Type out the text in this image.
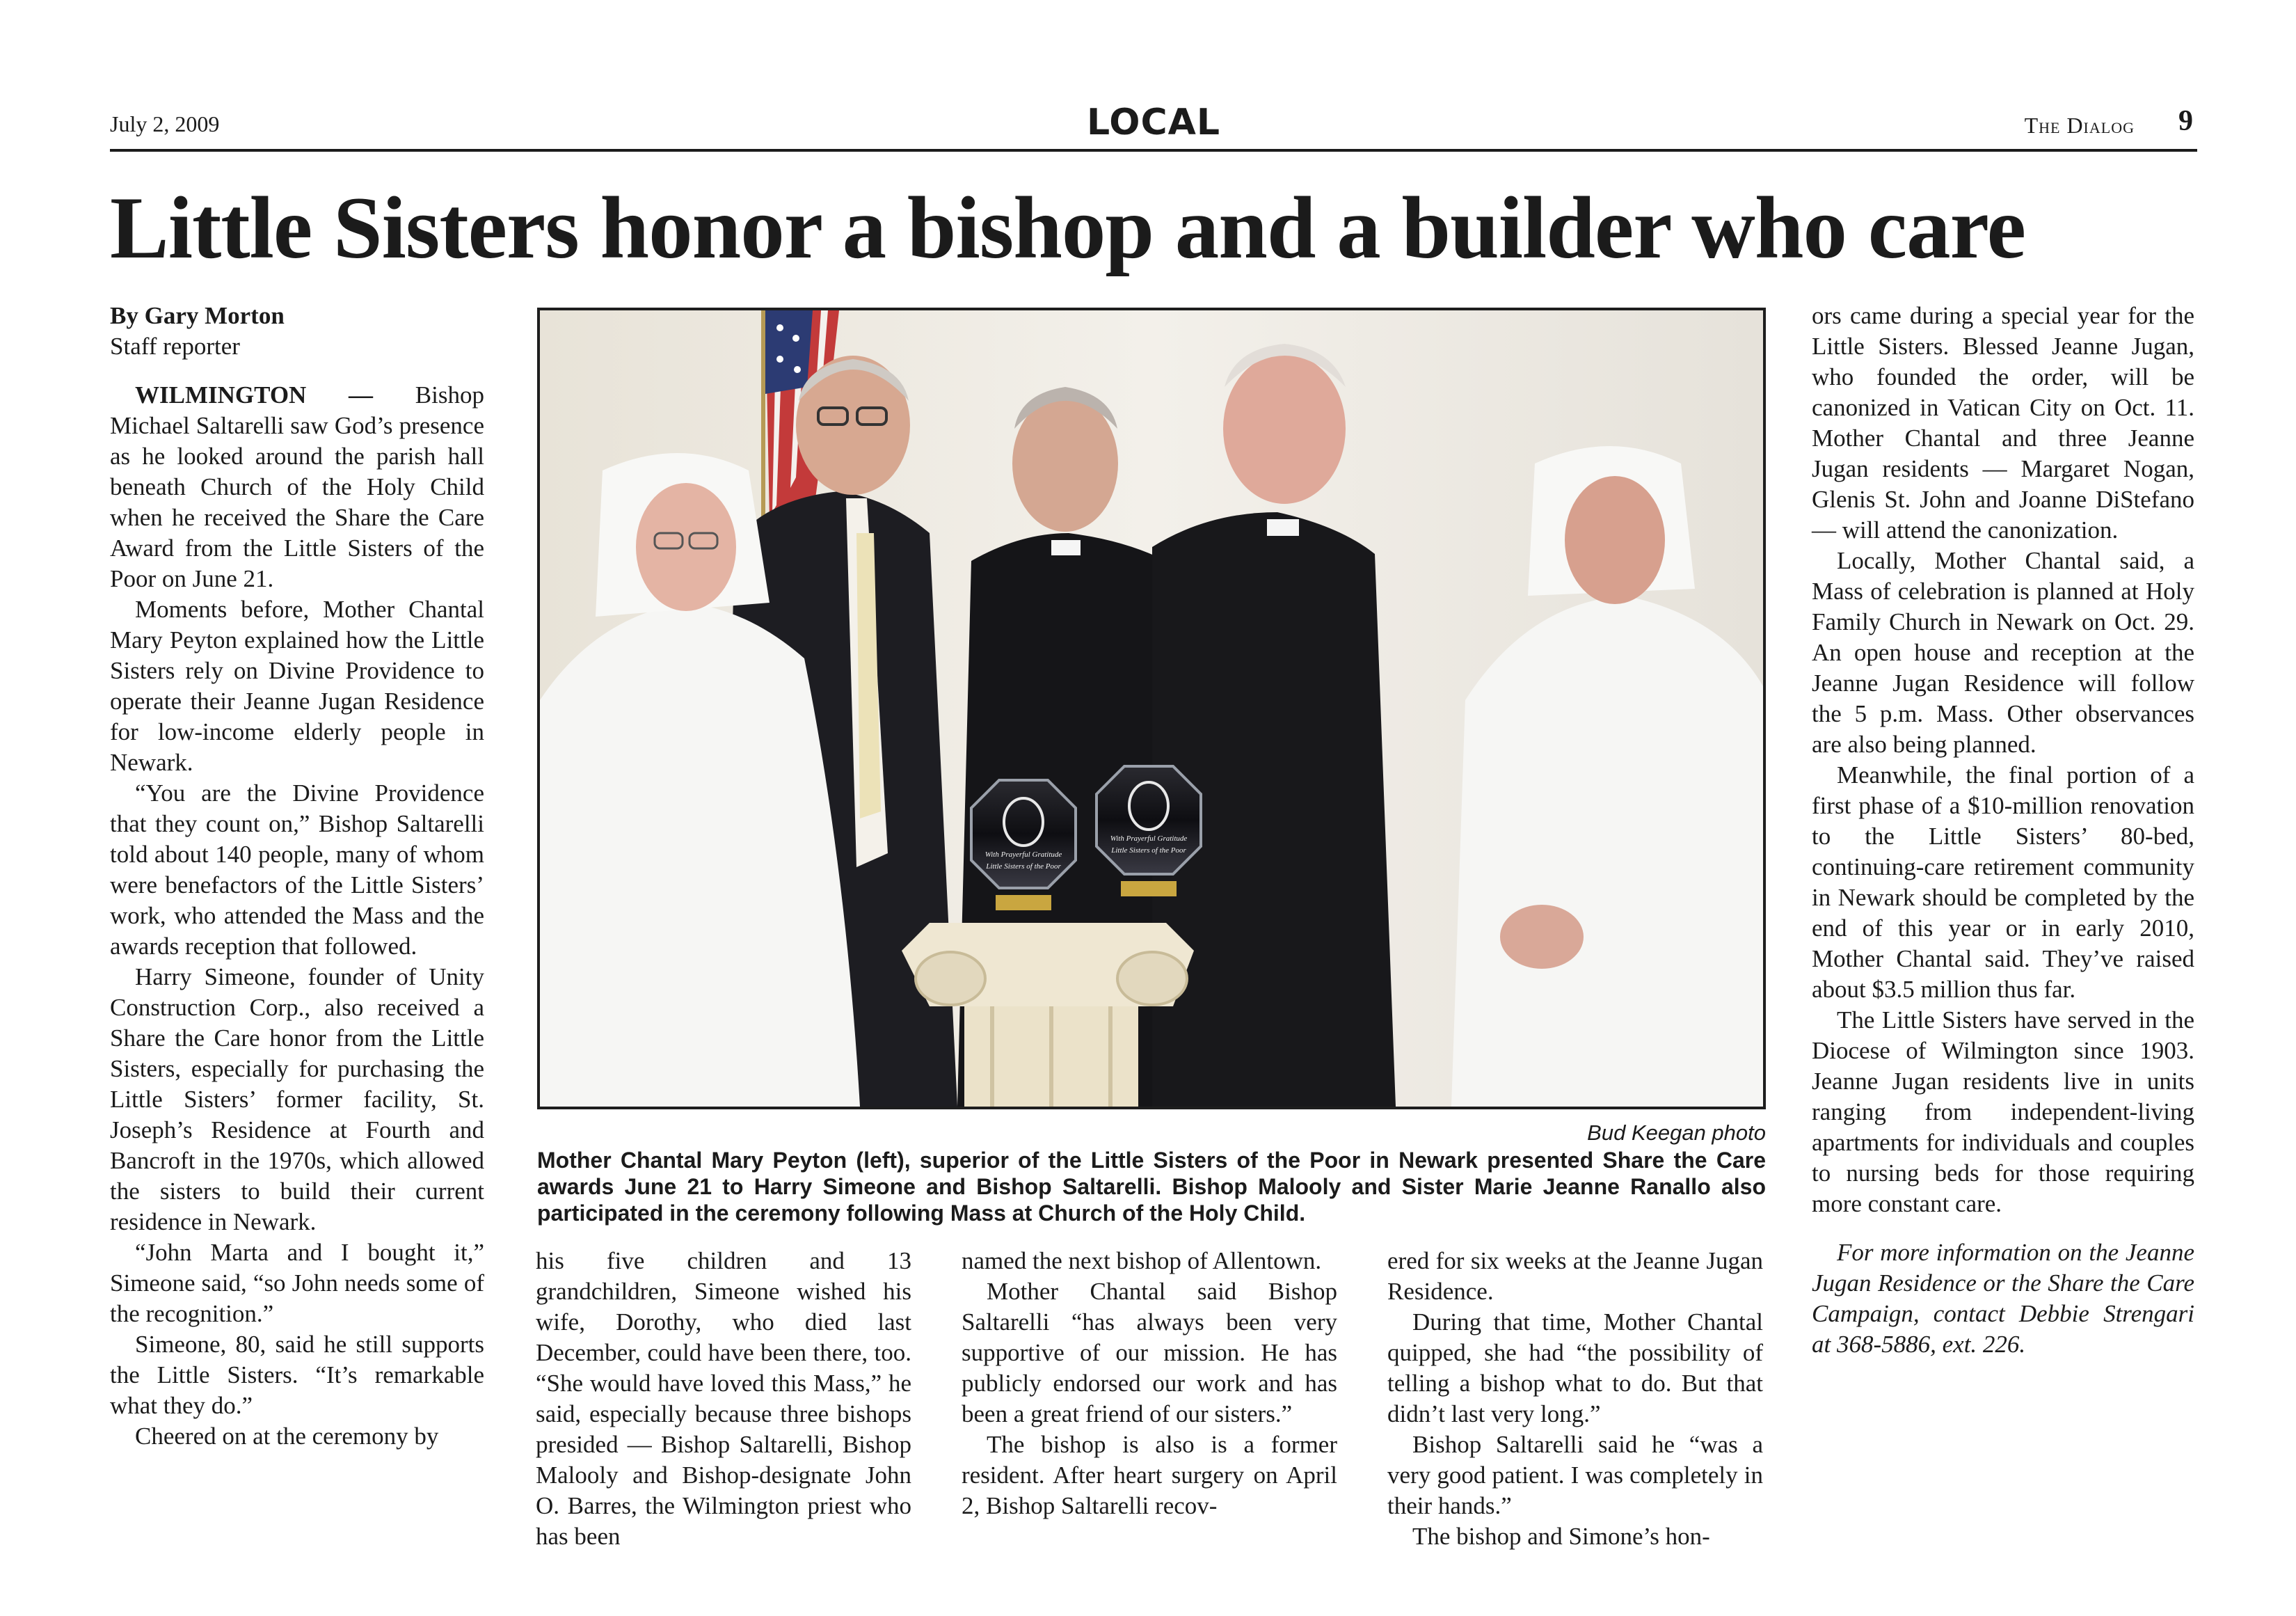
July 2, 2009	LOCAL	The Dialog 9
Little Sisters honor a bishop and a builder who care

By Gary Morton

Staff reporter

WILMINGTON — Bishop Michael Saltarelli saw God’s presence as he looked around the parish hall beneath Church of the Holy Child when he received the Share the Care Award from the Little Sisters of the Poor on June 21.

Moments before, Mother Chantal Mary Peyton explained how the Little Sisters rely on Divine Providence to operate their Jeanne Jugan Residence for low-income elderly people in Newark.

“You are the Divine Providence that they count on,” Bishop Saltarelli told about 140 people, many of whom were benefactors of the Little Sisters’ work, who attended the Mass and the awards reception that followed.

Harry Simeone, founder of Unity Construction Corp., also received a Share the Care honor from the Little Sisters, especially for purchasing the Little Sisters’ former facility, St. Joseph’s Residence at Fourth and Bancroft in the 1970s, which allowed the sisters to build their current residence in Newark.

“John Marta and I bought it,” Simeone said, “so John needs some of the recognition.”

Simeone, 80, said he still supports the Little Sisters. “It’s remarkable what they do.”

Cheered on at the ceremony by

With Prayerful Gratitude
Little Sisters of the Poor
With Prayerful Gratitude
Little Sisters of the Poor
Bud Keegan photo

Mother Chantal Mary Peyton (left), superior of the Little Sisters of the Poor in Newark presented Share the Care awards June 21 to Harry Simeone and Bishop Saltarelli. Bishop Malooly and Sister Marie Jeanne Ranallo also participated in the ceremony following Mass at Church of the Holy Child.

his five children and 13 grandchildren, Simeone wished his wife, Dorothy, who died last December, could have been there, too. “She would have loved this Mass,” he said, especially because three bishops presided — Bishop Saltarelli, Bishop Malooly and Bishop-designate John O. Barres, the Wilmington priest who has been

named the next bishop of Allentown.

Mother Chantal said Bishop Saltarelli “has always been very supportive of our mission. He has publicly endorsed our work and has been a great friend of our sisters.”

The bishop is also is a former resident. After heart surgery on April 2, Bishop Saltarelli recov-

ered for six weeks at the Jeanne Jugan Residence.

During that time, Mother Chantal quipped, she had “the possibility of telling a bishop what to do. But that didn’t last very long.”

Bishop Saltarelli said he “was a very good patient. I was completely in their hands.”

The bishop and Simone’s hon-

ors came during a special year for the Little Sisters. Blessed Jeanne Jugan, who founded the order, will be canonized in Vatican City on Oct. 11. Mother Chantal and three Jeanne Jugan residents — Margaret Nogan, Glenis St. John and Joanne DiStefano — will attend the canonization.

Locally, Mother Chantal said, a Mass of celebration is planned at Holy Family Church in Newark on Oct. 29. An open house and reception at the Jeanne Jugan Residence will follow the 5 p.m. Mass. Other observances are also being planned.

Meanwhile, the final portion of a first phase of a $10-million renovation to the Little Sisters’ 80-bed, continuing-care retirement community in Newark should be completed by the end of this year or in early 2010, Mother Chantal said. They’ve raised about $3.5 million thus far.

The Little Sisters have served in the Diocese of Wilmington since 1903. Jeanne Jugan residents live in units ranging from independent-living apartments for individuals and couples to nursing beds for those requiring more constant care.

For more information on the Jeanne Jugan Residence or the Share the Care Campaign, contact Debbie Strengari at 368-5886, ext. 226.
